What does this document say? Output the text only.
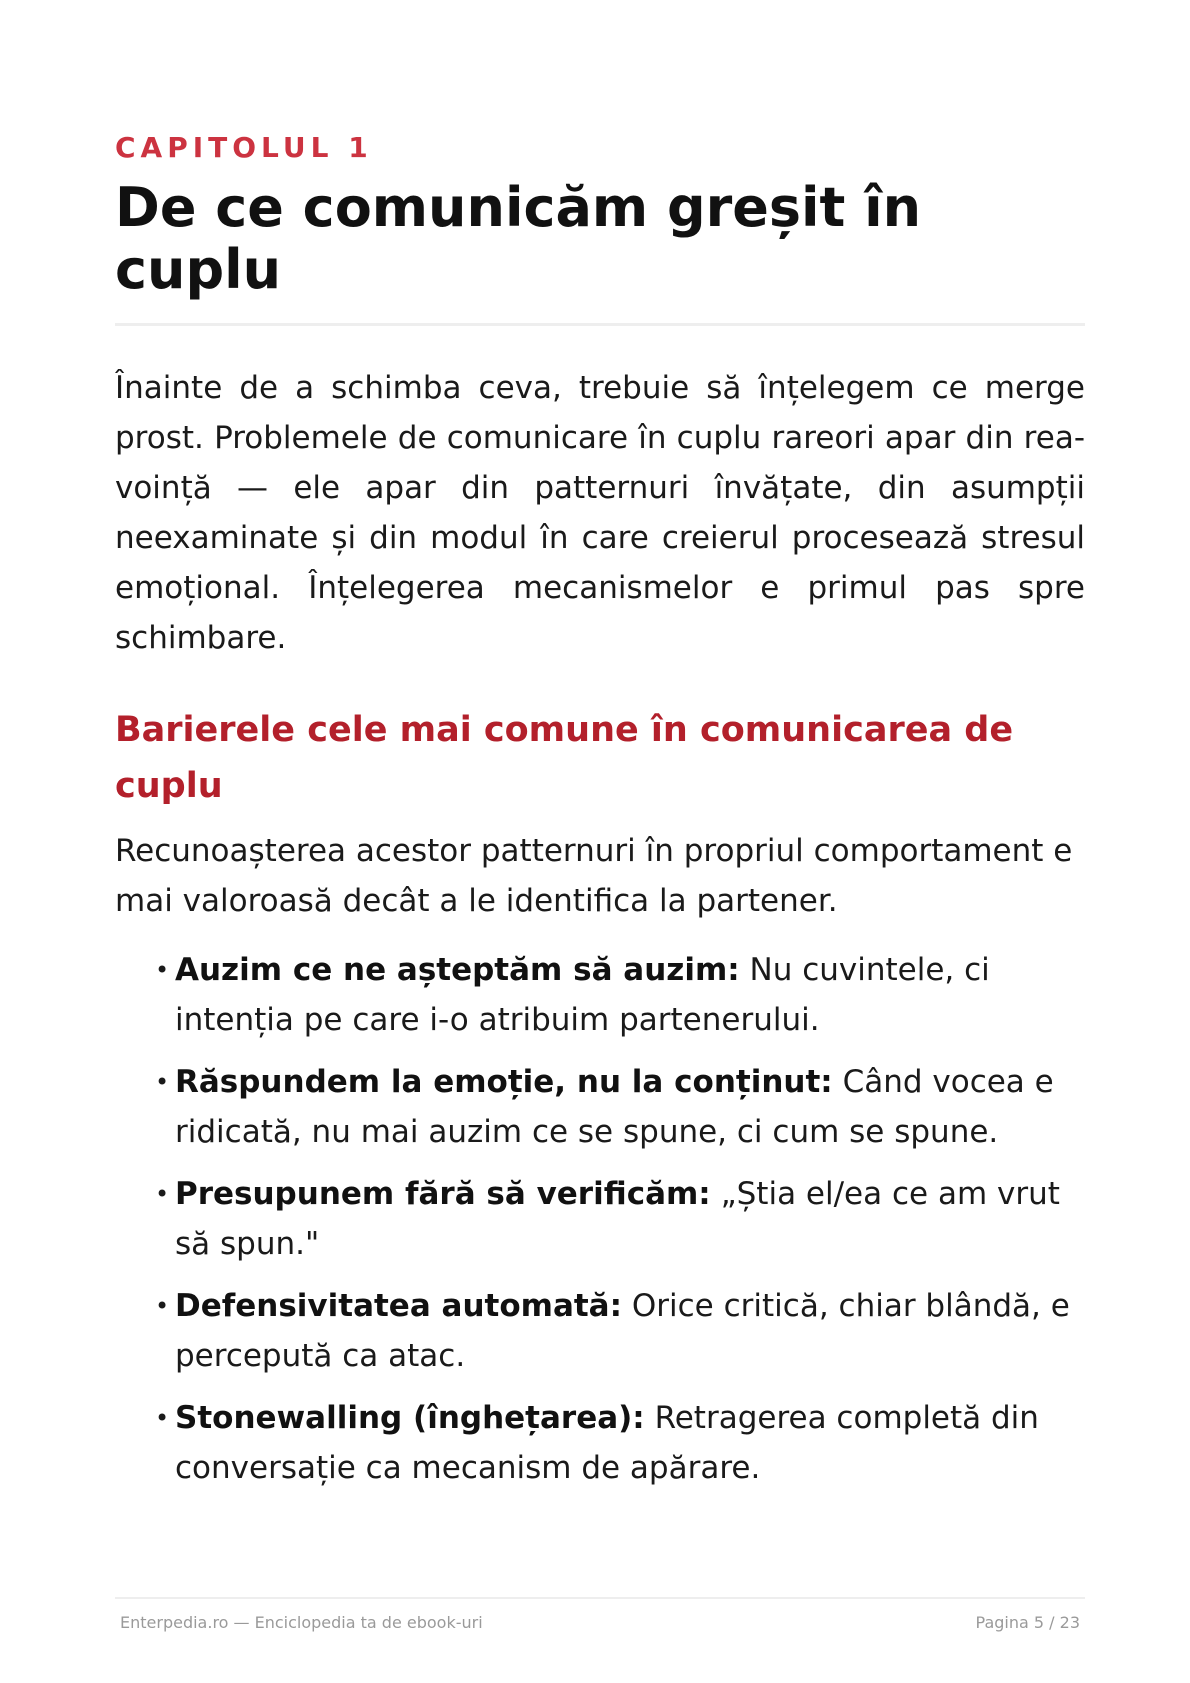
CAPITOLUL 1

De ce comunicăm greșit în cuplu

Înainte de a schimba ceva, trebuie să înțelegem ce merge prost. Problemele de comunicare în cuplu rareori apar din rea-voință — ele apar din patternuri învățate, din asumpții neexaminate și din modul în care creierul procesează stresul emoțional. Înțelegerea mecanismelor e primul pas spre schimbare.

Barierele cele mai comune în comunicarea de cuplu

Recunoașterea acestor patternuri în propriul comportament e mai valoroasă decât a le identifica la partener.

• Auzim ce ne așteptăm să auzim: Nu cuvintele, ci intenția pe care i-o atribuim partenerului.
• Răspundem la emoție, nu la conținut: Când vocea e ridicată, nu mai auzim ce se spune, ci cum se spune.
• Presupunem fără să verificăm: „Știa el/ea ce am vrut să spun."
• Defensivitatea automată: Orice critică, chiar blândă, e percepută ca atac.
• Stonewalling (înghețarea): Retragerea completă din conversație ca mecanism de apărare.

Enterpedia.ro — Enciclopedia ta de ebook-uri	Pagina 5 / 23
